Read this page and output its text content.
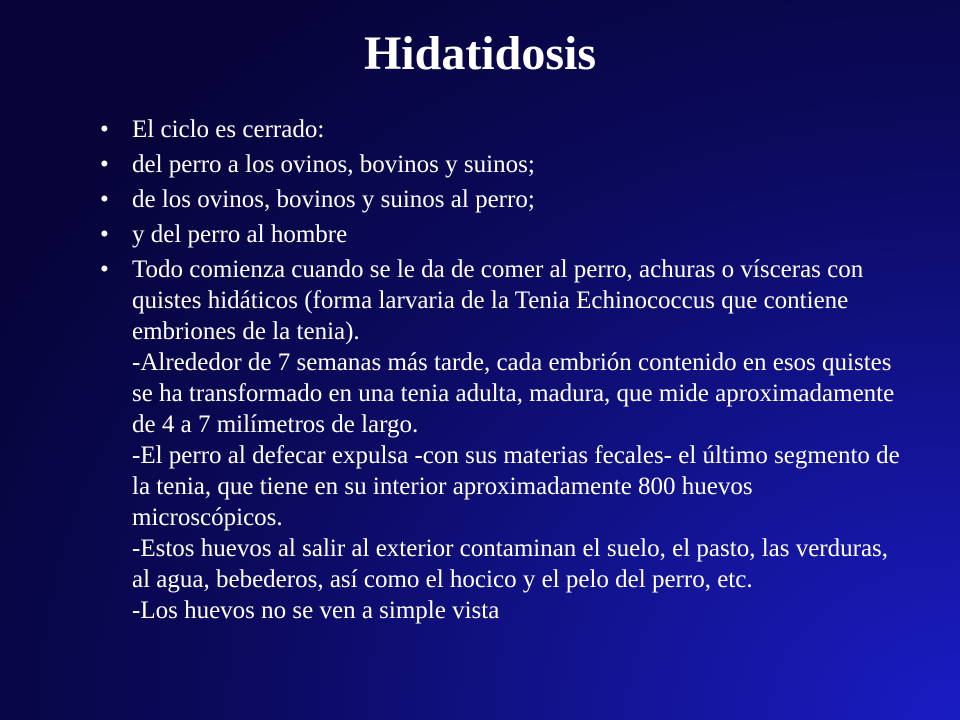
Hidatidosis
• El ciclo es cerrado:
• del perro a los ovinos, bovinos y suinos;
• de los ovinos, bovinos y suinos al perro;
• y del perro al hombre
• Todo comienza cuando se le da de comer al perro, achuras o vísceras con quistes hidáticos (forma larvaria de la Tenia Echinococcus que contiene embriones de la tenia).
-Alrededor de 7 semanas más tarde, cada embrión contenido en esos quistes se ha transformado en una tenia adulta, madura, que mide aproximadamente de 4 a 7 milímetros de largo.
-El perro al defecar expulsa -con sus materias fecales- el último segmento de la tenia, que tiene en su interior aproximadamente 800 huevos microscópicos.
-Estos huevos al salir al exterior contaminan el suelo, el pasto, las verduras, al agua, bebederos, así como el hocico y el pelo del perro, etc.
-Los huevos no se ven a simple vista
